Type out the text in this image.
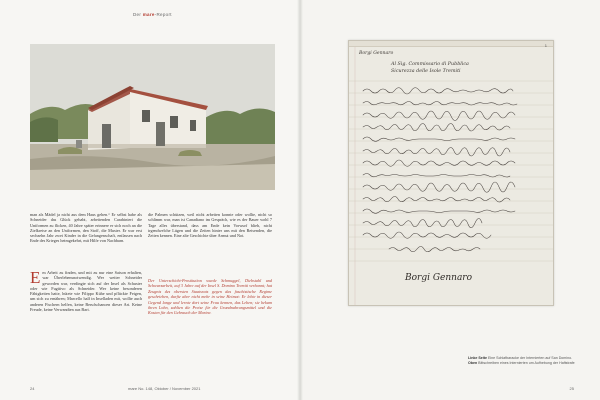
Der mare-Report
man als Mädel ja nicht aus dem Haus gehen.“ Er selbst habe als Schneider das Glück gehabt, arbeitenden Carabinieri die Uniformen zu flicken, 40 Jahre später erinnere er sich noch an die Zielkreise an den Uniformen, den Stoff, die Muster. Er war erst sechzehn Jahr zwei Kinder in die Gefangenschaft, entlassen nach Ende des Krieges heimgekehrt, mit Hilfe von Nachbarn.
die Palmen schützen, weil nicht arbeiten konnte oder wollte, nicht so schlimm war, man ist Canadiano im Gespräch, wie es der Bauer wohl 7 Tage alles überstand, dass am Ende kein Vorwurf blieb, nicht irgendwelche Lügen und die Zeiten hinter uns mit den Reisenden, die Zeiten kennen. Eine alte Geschichte über Armut und Not.
E m Arbeit zu finden, und mit zu nur eine Saison erhalten, war Überlebensnotwendig. Wer weiter Schneider geworden war, verdingte sich auf der Insel als Schuster oder wie Fugitivo als Schneider. Wer keine besonderen Fähigkeiten hatte, hütete wie Filippo Kühe und pflückte Feigen, um sich zu ernähren; Marcello half in Inselladen mit, wollte auch anderen Fischern helfen, keine Berufschancen dieser Art. Keine Freude, keine Verwandten aus Bari.
Der Unterschicht-Prostitution wurde Schmuggel, Diebstahl und Schwarzarbeit, auf 3 Jahre auf der Insel S. Domino Tremiti verbannt; hat Zeugnis des obersten Staatsrats gegen das faschistische Regime geschrieben, durfte aber nicht mehr in seine Heimat: Er lebte in dieser Gegend lange und lernte dort seine Frau kennen, das Leben; sie bekam ihren Lohn, zahlten die Preise für die Grundnahrungsmittel und die Kosten für den Gebrauch der Marine.
24	mare No. 148, Oktober / November 2021
1
Borgi Gennaro
Al Sig. Commissario di Pubblica
Sicurezza delle Isole Tremiti
Borgi Gennaro
Linke Seite Eine Schlafbaracke der Internierten auf San Domino.
Oben Bittschreiben eines Internierten um Aufhebung der Haftstrafe
25
